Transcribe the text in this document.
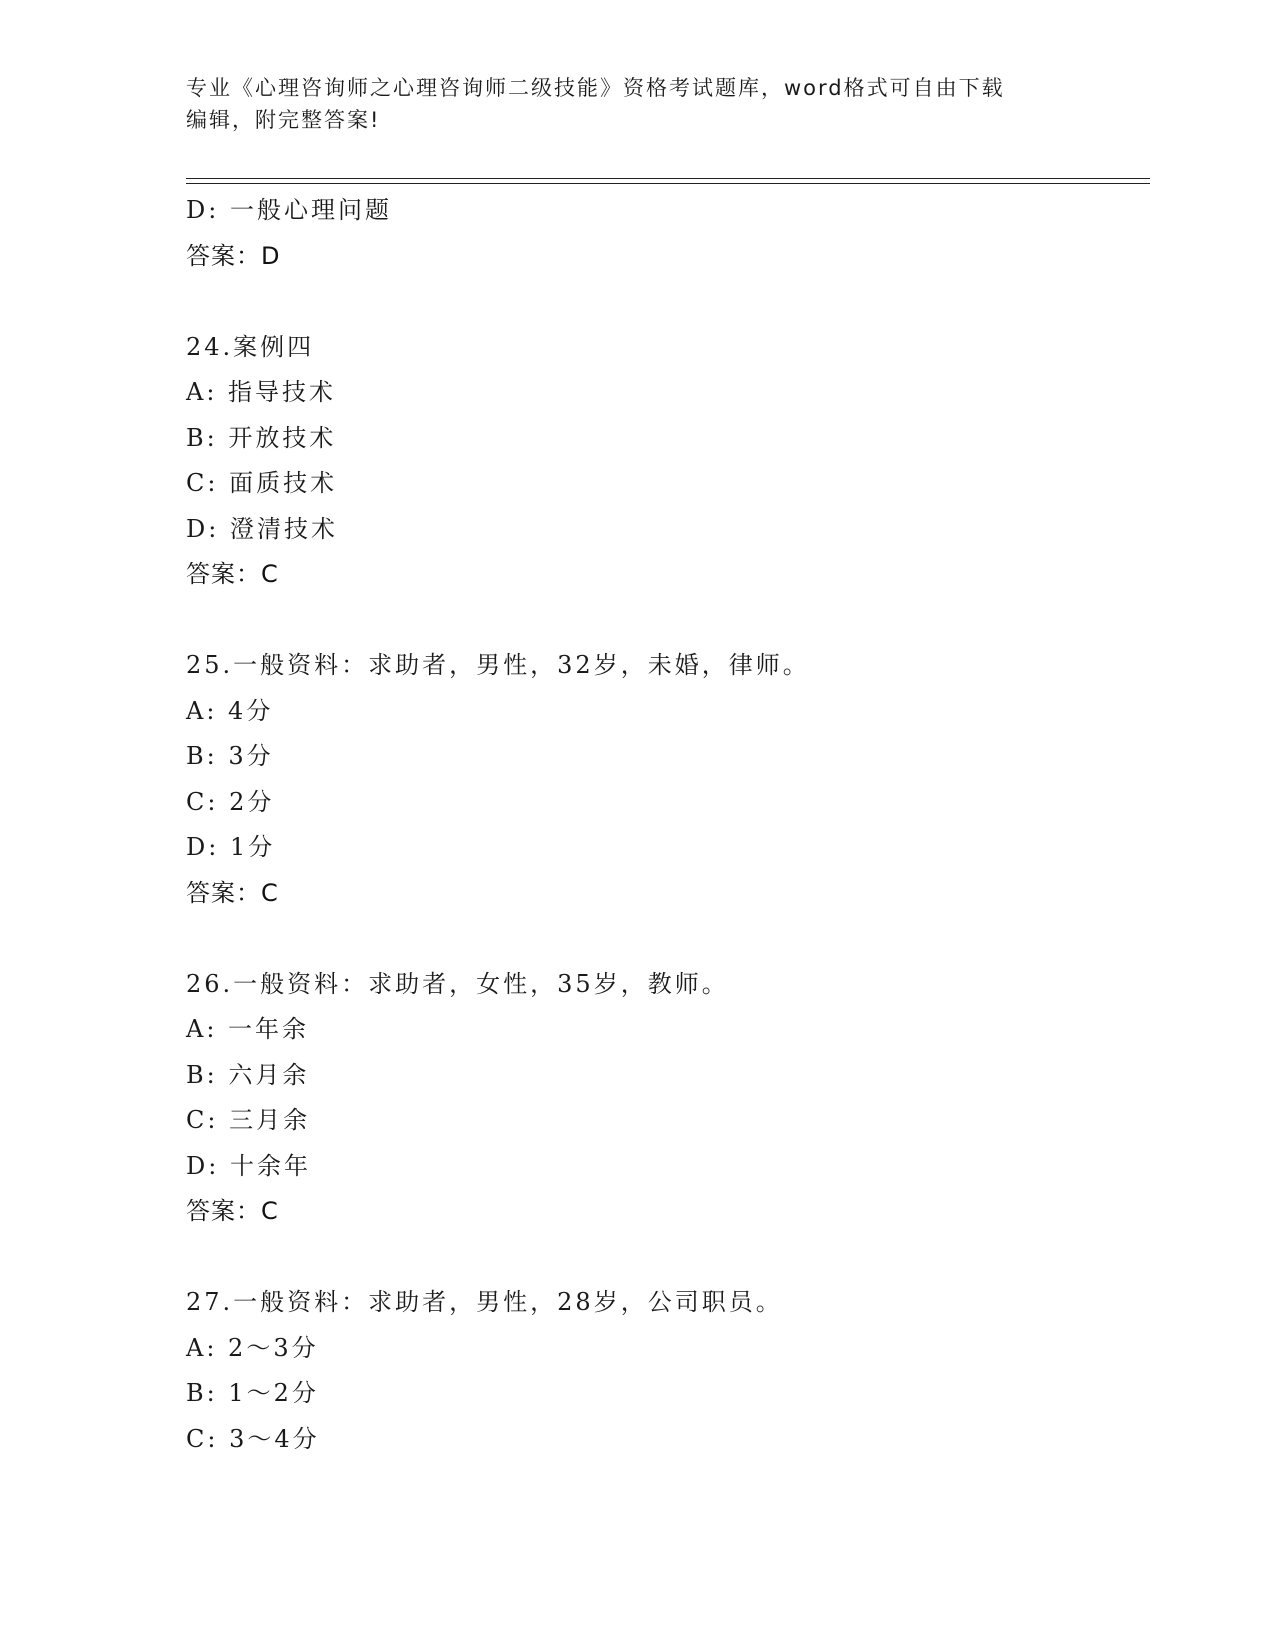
专业《心理咨询师之心理咨询师二级技能》资格考试题库，word格式可自由下载
编辑，附完整答案!
D: 一般心理问题
答案：D
24.案例四
A: 指导技术
B: 开放技术
C: 面质技术
D: 澄清技术
答案：C
25.一般资料：求助者，男性，32岁，未婚，律师。
A: 4分
B: 3分
C: 2分
D: 1分
答案：C
26.一般资料：求助者，女性，35岁，教师。
A: 一年余
B: 六月余
C: 三月余
D: 十余年
答案：C
27.一般资料：求助者，男性，28岁，公司职员。
A: 2～3分
B: 1～2分
C: 3～4分
